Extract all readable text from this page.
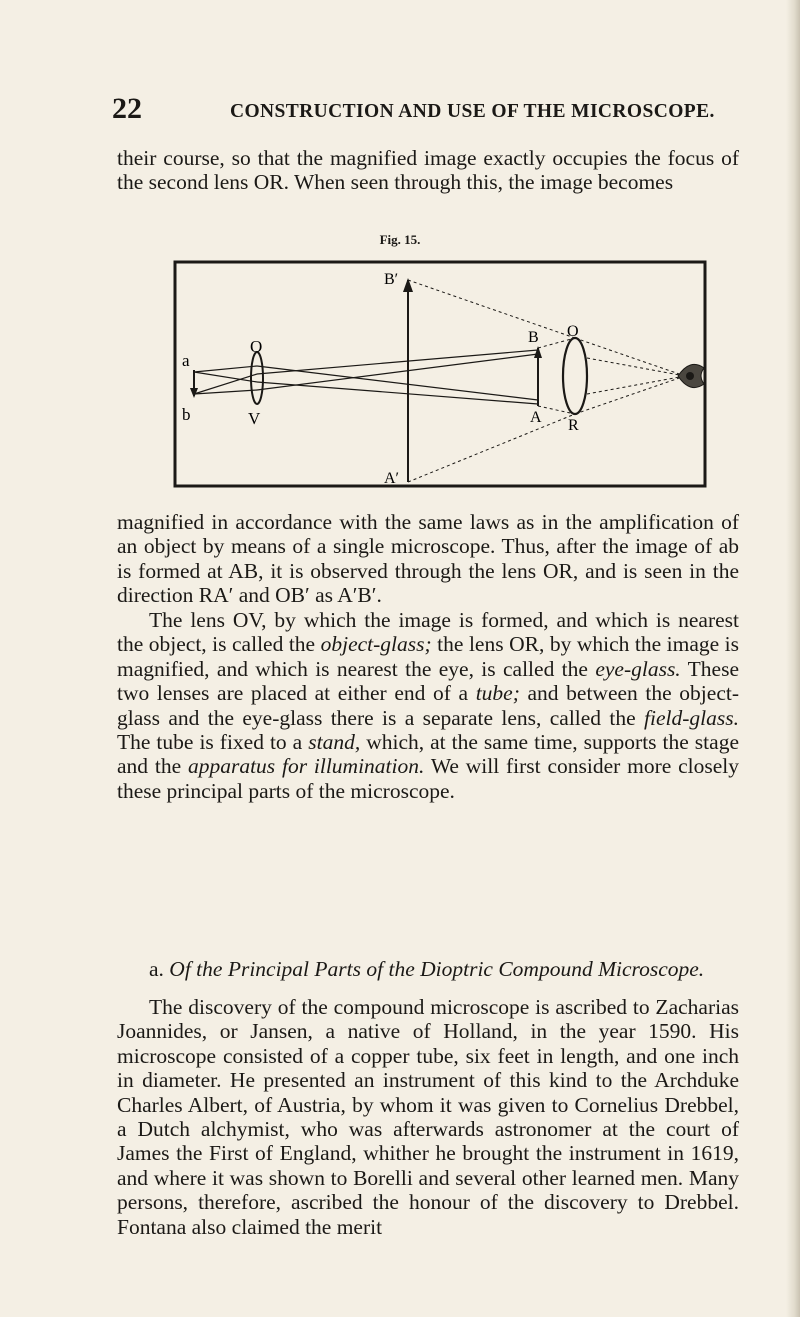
22	CONSTRUCTION AND USE OF THE MICROSCOPE.

their course, so that the magnified image exactly occupies the focus of the second lens OR. When seen through this, the image becomes

Fig. 15.
a
b
O
V
B′
A′
B
A
O
R

magnified in accordance with the same laws as in the amplification of an object by means of a single microscope. Thus, after the image of ab is formed at AB, it is observed through the lens OR, and is seen in the direction RA′ and OB′ as A′B′.

The lens OV, by which the image is formed, and which is nearest the object, is called the object-glass; the lens OR, by which the image is magnified, and which is nearest the eye, is called the eye-glass. These two lenses are placed at either end of a tube; and between the object-glass and the eye-glass there is a separate lens, called the field-glass. The tube is fixed to a stand, which, at the same time, supports the stage and the apparatus for illumination. We will first consider more closely these principal parts of the microscope.

a. Of the Principal Parts of the Dioptric Compound Microscope.

The discovery of the compound microscope is ascribed to Zacharias Joannides, or Jansen, a native of Holland, in the year 1590. His microscope consisted of a copper tube, six feet in length, and one inch in diameter. He presented an instrument of this kind to the Archduke Charles Albert, of Austria, by whom it was given to Cornelius Drebbel, a Dutch alchymist, who was afterwards astronomer at the court of James the First of England, whither he brought the instrument in 1619, and where it was shown to Borelli and several other learned men. Many persons, therefore, ascribed the honour of the discovery to Drebbel. Fontana also claimed the merit
